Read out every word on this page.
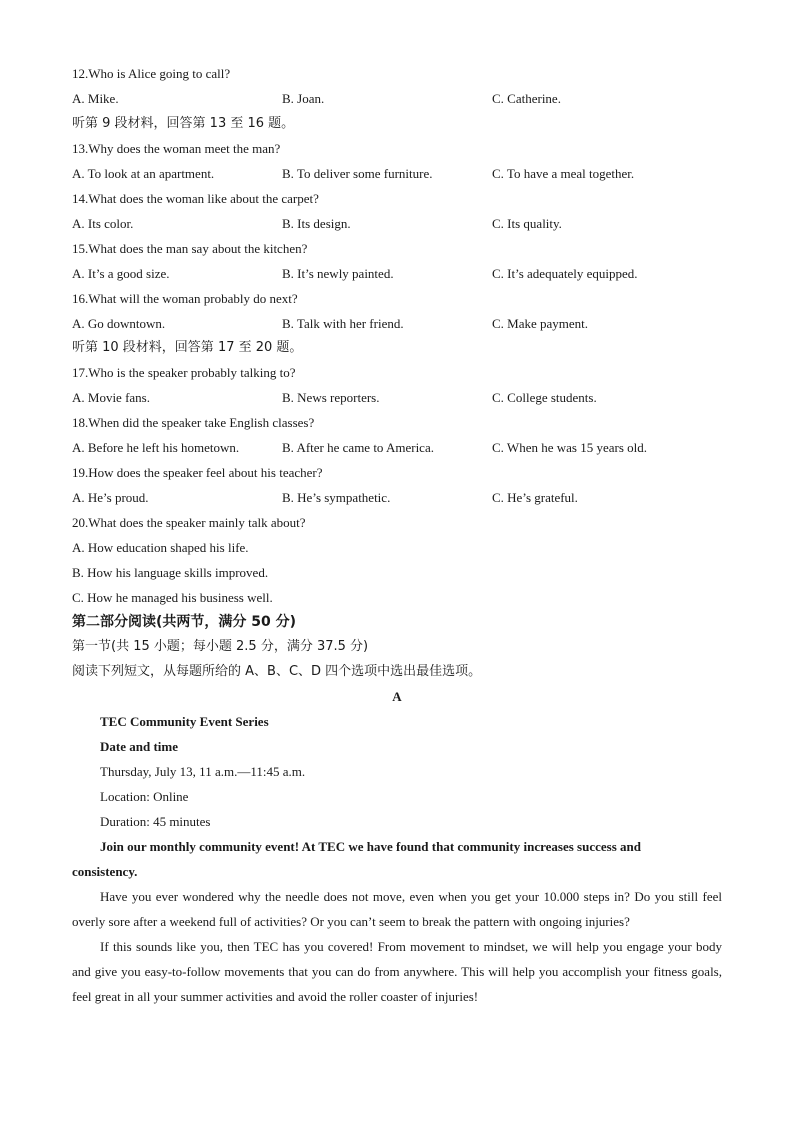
12.Who is Alice going to call?
A. Mike.	B. Joan.	C. Catherine.
听第 9 段材料，回答第 13 至 16 题。
13.Why does the woman meet the man?
A. To look at an apartment.	B. To deliver some furniture.	C. To have a meal together.
14.What does the woman like about the carpet?
A. Its color.	B. Its design.	C. Its quality.
15.What does the man say about the kitchen?
A. It’s a good size.	B. It’s newly painted.	C. It’s adequately equipped.
16.What will the woman probably do next?
A. Go downtown.	B. Talk with her friend.	C. Make payment.
听第 10 段材料，回答第 17 至 20 题。
17.Who is the speaker probably talking to?
A. Movie fans.	B. News reporters.	C. College students.
18.When did the speaker take English classes?
A. Before he left his hometown.	B. After he came to America.	C. When he was 15 years old.
19.How does the speaker feel about his teacher?
A. He’s proud.	B. He’s sympathetic.	C. He’s grateful.
20.What does the speaker mainly talk about?
A. How education shaped his life.
B. How his language skills improved.
C. How he managed his business well.
第二部分阅读(共两节，满分 50 分)
第一节(共 15 小题；每小题 2.5 分，满分 37.5 分)
阅读下列短文，从每题所给的 A、B、C、D 四个选项中选出最佳选项。
A
TEC Community Event Series
Date and time
Thursday, July 13, 11 a.m.—11:45 a.m.
Location: Online
Duration: 45 minutes
Join our monthly community event! At TEC we have found that community increases success and
consistency.
Have you ever wondered why the needle does not move, even when you get your 10.000 steps in? Do you still feel overly sore after a weekend full of activities? Or you can’t seem to break the pattern with ongoing injuries?
If this sounds like you, then TEC has you covered! From movement to mindset, we will help you engage your body and give you easy-to-follow movements that you can do from anywhere. This will help you accomplish your fitness goals, feel great in all your summer activities and avoid the roller coaster of injuries!
